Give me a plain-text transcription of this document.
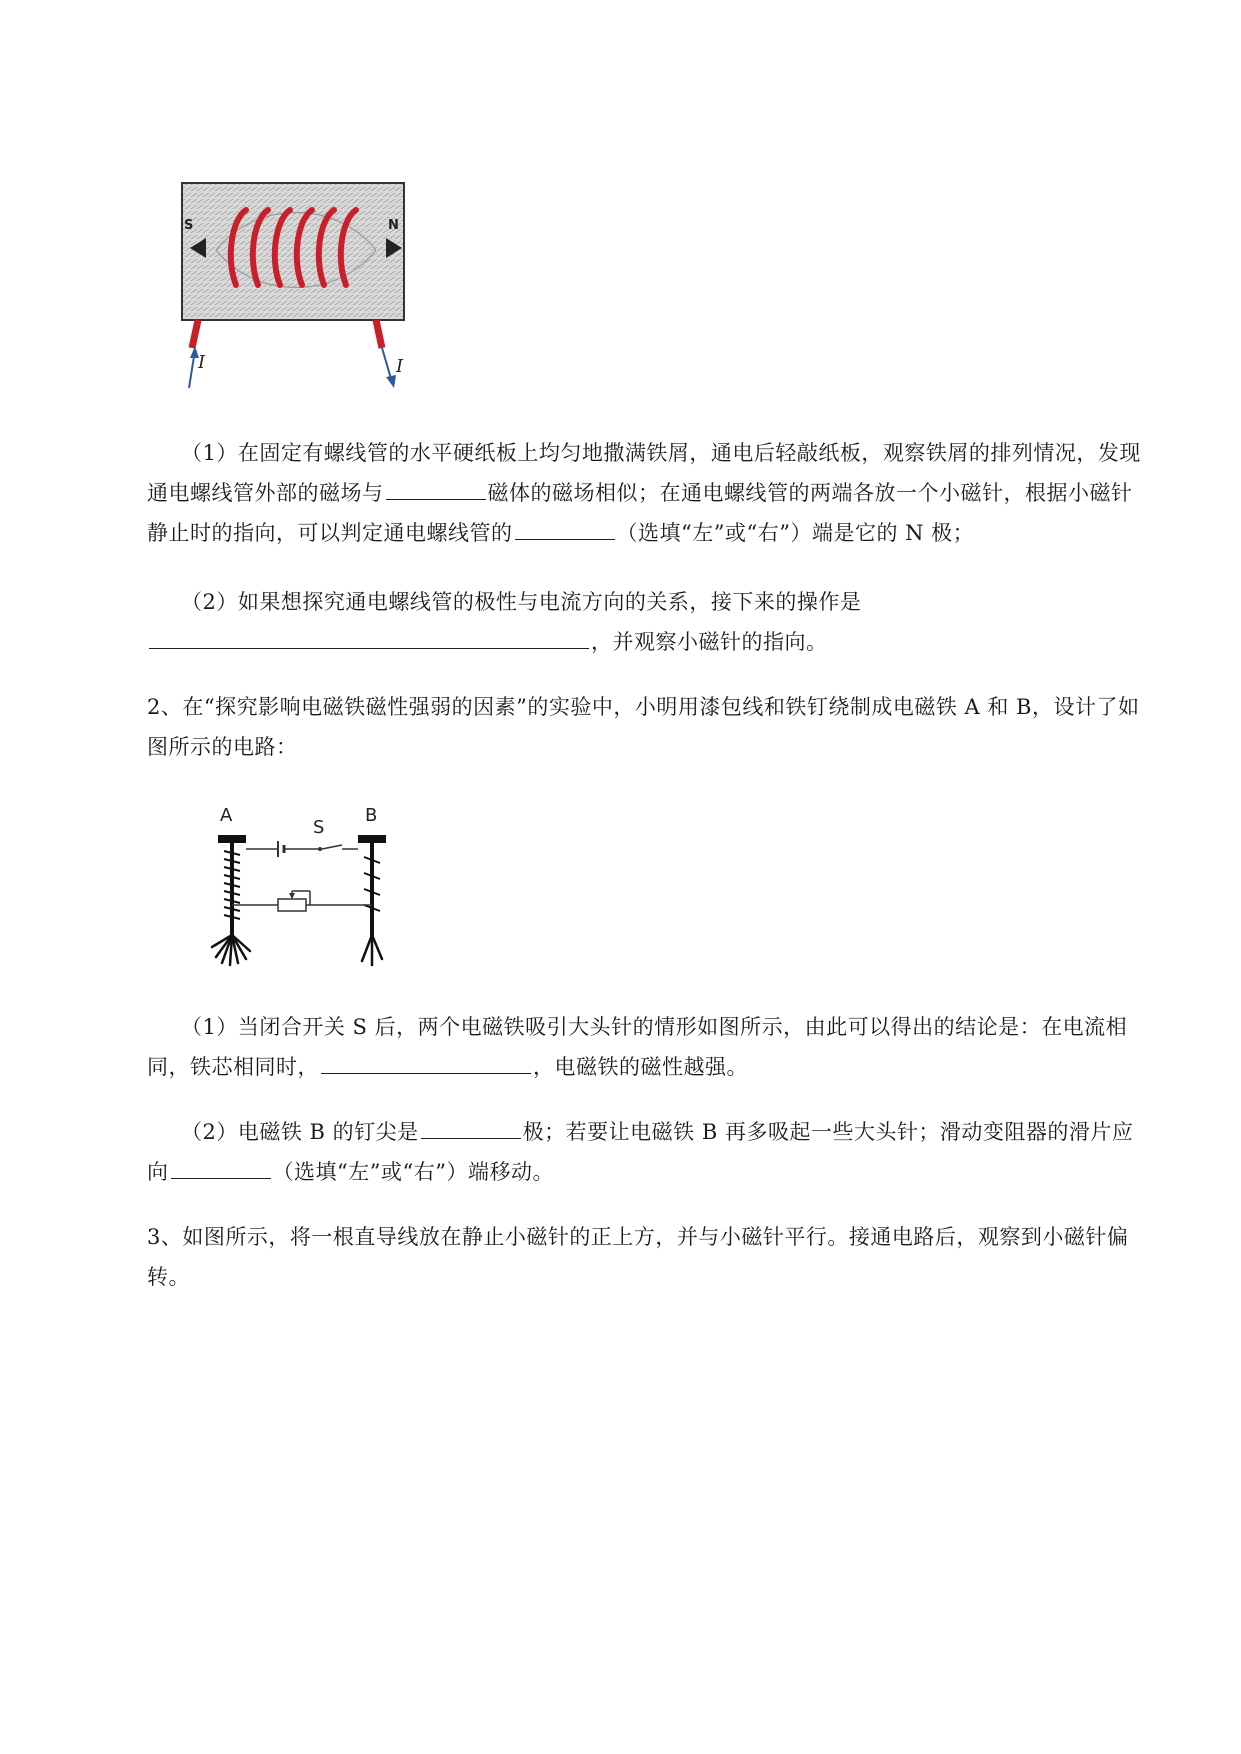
S	N
I	I
（1）在固定有螺线管的水平硬纸板上均匀地撒满铁屑，通电后轻敲纸板，观察铁屑的排列情况，发现通电螺线管外部的磁场与	磁体的磁场相似；在通电螺线管的两端各放一个小磁针，根据小磁针静止时的指向，可以判定通电螺线管的	（选填“左”或“右”）端是它的 N 极；
（2）如果想探究通电螺线管的极性与电流方向的关系，接下来的操作是，并观察小磁针的指向。
2、在“探究影响电磁铁磁性强弱的因素”的实验中，小明用漆包线和铁钉绕制成电磁铁 A 和 B，设计了如图所示的电路：
A	B
S
（1）当闭合开关 S 后，两个电磁铁吸引大头针的情形如图所示，由此可以得出的结论是：在电流相同，铁芯相同时，	，电磁铁的磁性越强。
（2）电磁铁 B 的钉尖是	极；若要让电磁铁 B 再多吸起一些大头针；滑动变阻器的滑片应向	（选填“左”或“右”）端移动。
3、如图所示，将一根直导线放在静止小磁针的正上方，并与小磁针平行。接通电路后，观察到小磁针偏转。
